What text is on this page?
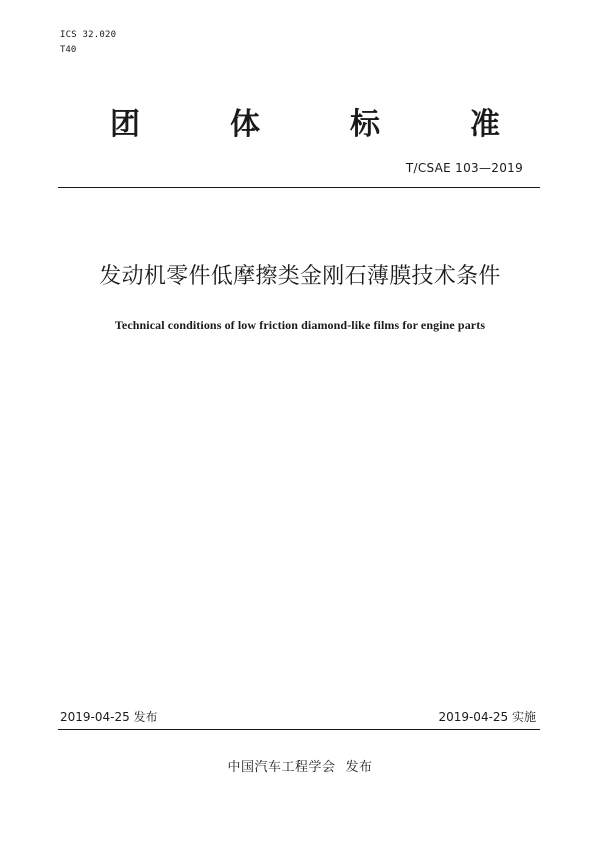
ICS 32.020
T40
团	体	标	准
T/CSAE 103—2019
发动机零件低摩擦类金刚石薄膜技术条件
Technical conditions of low friction diamond-like films for engine parts
2019-04-25 发布	2019-04-25 实施
中国汽车工程学会 发布
